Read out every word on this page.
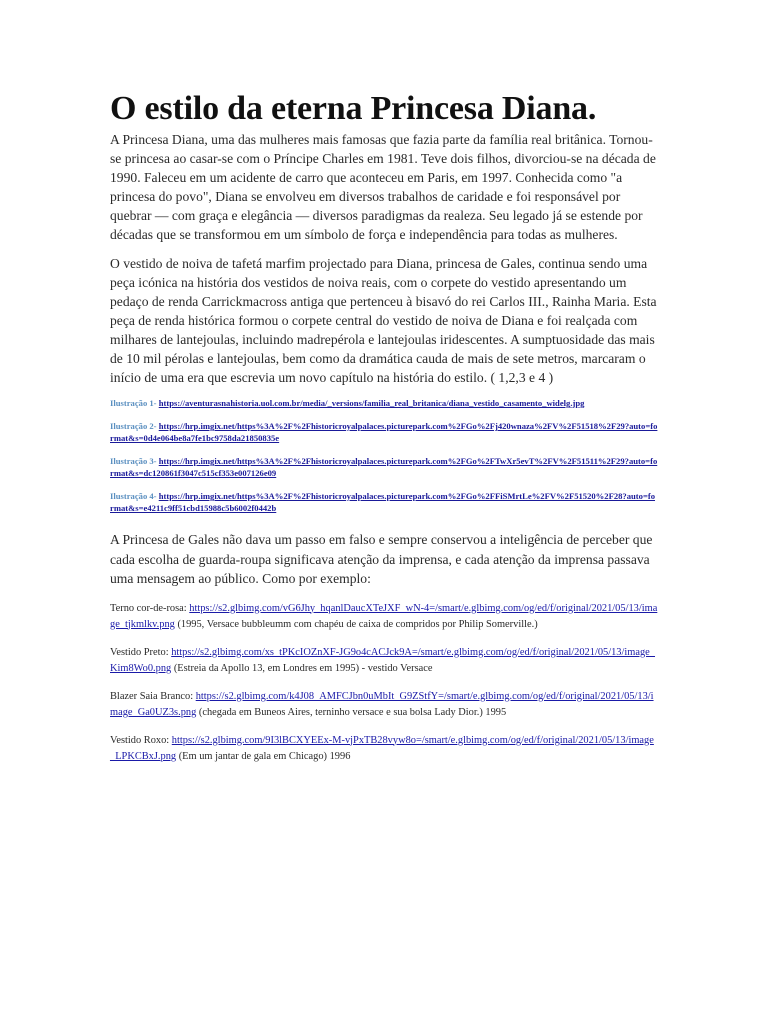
O estilo da eterna Princesa Diana.

A Princesa Diana, uma das mulheres mais famosas que fazia parte da família real britânica. Tornou-se princesa ao casar-se com o Príncipe Charles em 1981. Teve dois filhos, divorciou-se na década de 1990. Faleceu em um acidente de carro que aconteceu em Paris, em 1997. Conhecida como "a princesa do povo", Diana se envolveu em diversos trabalhos de caridade e foi responsável por quebrar — com graça e elegância — diversos paradigmas da realeza. Seu legado já se estende por décadas que se transformou em um símbolo de força e independência para todas as mulheres.

O vestido de noiva de tafetá marfim projectado para Diana, princesa de Gales, continua sendo uma peça icónica na história dos vestidos de noiva reais, com o corpete do vestido apresentando um pedaço de renda Carrickmacross antiga que pertenceu à bisavó do rei Carlos III., Rainha Maria. Esta peça de renda histórica formou o corpete central do vestido de noiva de Diana e foi realçada com milhares de lantejoulas, incluindo madrepérola e lantejoulas iridescentes. A sumptuosidade das mais de 10 mil pérolas e lantejoulas, bem como da dramática cauda de mais de sete metros, marcaram o início de uma era que escrevia um novo capítulo na história do estilo. ( 1,2,3 e 4 )

Ilustração 1- https://aventurasnahistoria.uol.com.br/media/_versions/familia_real_britanica/diana_vestido_casamento_widelg.jpg
Ilustração 2- https://hrp.imgix.net/https%3A%2F%2Fhistoricroyalpalaces.picturepark.com%2FGo%2Fj420wnaza%2FV%2F51518%2F29?auto=format&s=0d4e064be8a7fe1bc9758da21850835e
Ilustração 3- https://hrp.imgix.net/https%3A%2F%2Fhistoricroyalpalaces.picturepark.com%2FGo%2FTwXr5evT%2FV%2F51511%2F29?auto=format&s=dc120861f3047c515cf353e007126e09
Ilustração 4- https://hrp.imgix.net/https%3A%2F%2Fhistoricroyalpalaces.picturepark.com%2FGo%2FFiSMrtLe%2FV%2F51520%2F28?auto=format&s=e4211c9ff51cbd15988c5b6002f0442b

A Princesa de Gales não dava um passo em falso e sempre conservou a inteligência de perceber que cada escolha de guarda-roupa significava atenção da imprensa, e cada atenção da imprensa passava uma mensagem ao público. Como por exemplo:

Terno cor-de-rosa: https://s2.glbimg.com/vG6Jhy_hqanlDaucXTeJXF_wN-4=/smart/e.glbimg.com/og/ed/f/original/2021/05/13/image_tjkmlkv.png (1995, Versace bubbleumm com chapéu de caixa de compridos por Philip Somerville.)

Vestido Preto: https://s2.glbimg.com/xs_tPKcIOZnXF-JG9o4cACJck9A=/smart/e.glbimg.com/og/ed/f/original/2021/05/13/image_Kim8Wo0.png (Estreia da Apollo 13, em Londres em 1995) - vestido Versace

Blazer Saia Branco: https://s2.glbimg.com/k4J08_AMFCJbn0uMbIt_G9ZStfY=/smart/e.glbimg.com/og/ed/f/original/2021/05/13/image_Ga0UZ3s.png (chegada em Buneos Aires, terninho versace e sua bolsa Lady Dior.) 1995

Vestido Roxo: https://s2.glbimg.com/9I3lBCXYEEx-M-vjPxTB28vyw8o=/smart/e.glbimg.com/og/ed/f/original/2021/05/13/image_LPKCBxJ.png (Em um jantar de gala em Chicago) 1996
